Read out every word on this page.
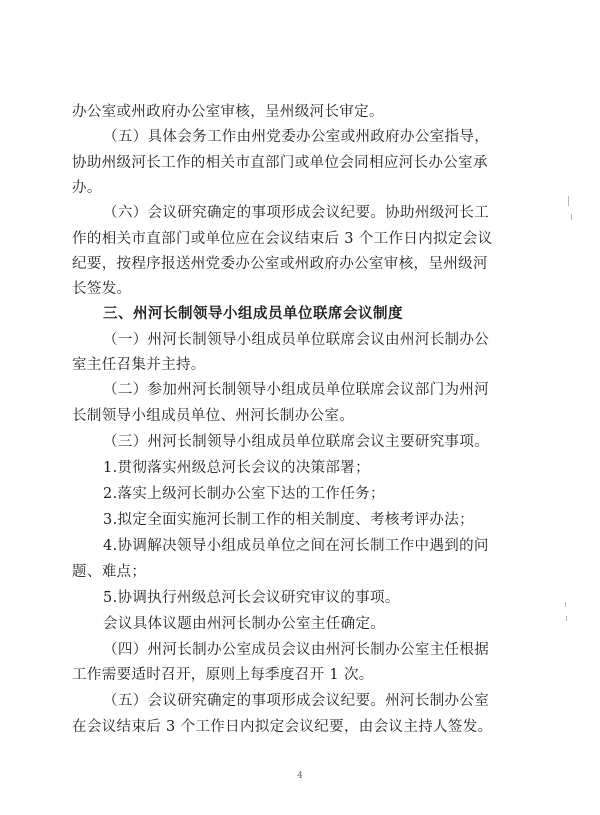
办公室或州政府办公室审核，呈州级河长审定。
（五）具体会务工作由州党委办公室或州政府办公室指导，
协助州级河长工作的相关市直部门或单位会同相应河长办公室承
办。
（六）会议研究确定的事项形成会议纪要。协助州级河长工
作的相关市直部门或单位应在会议结束后 3 个工作日内拟定会议
纪要，按程序报送州党委办公室或州政府办公室审核，呈州级河
长签发。
三、州河长制领导小组成员单位联席会议制度
（一）州河长制领导小组成员单位联席会议由州河长制办公
室主任召集并主持。
（二）参加州河长制领导小组成员单位联席会议部门为州河
长制领导小组成员单位、州河长制办公室。
（三）州河长制领导小组成员单位联席会议主要研究事项。
1.贯彻落实州级总河长会议的决策部署；
2.落实上级河长制办公室下达的工作任务；
3.拟定全面实施河长制工作的相关制度、考核考评办法；
4.协调解决领导小组成员单位之间在河长制工作中遇到的问
题、难点；
5.协调执行州级总河长会议研究审议的事项。
会议具体议题由州河长制办公室主任确定。
（四）州河长制办公室成员会议由州河长制办公室主任根据
工作需要适时召开，原则上每季度召开 1 次。
（五）会议研究确定的事项形成会议纪要。州河长制办公室
在会议结束后 3 个工作日内拟定会议纪要，由会议主持人签发。
4
